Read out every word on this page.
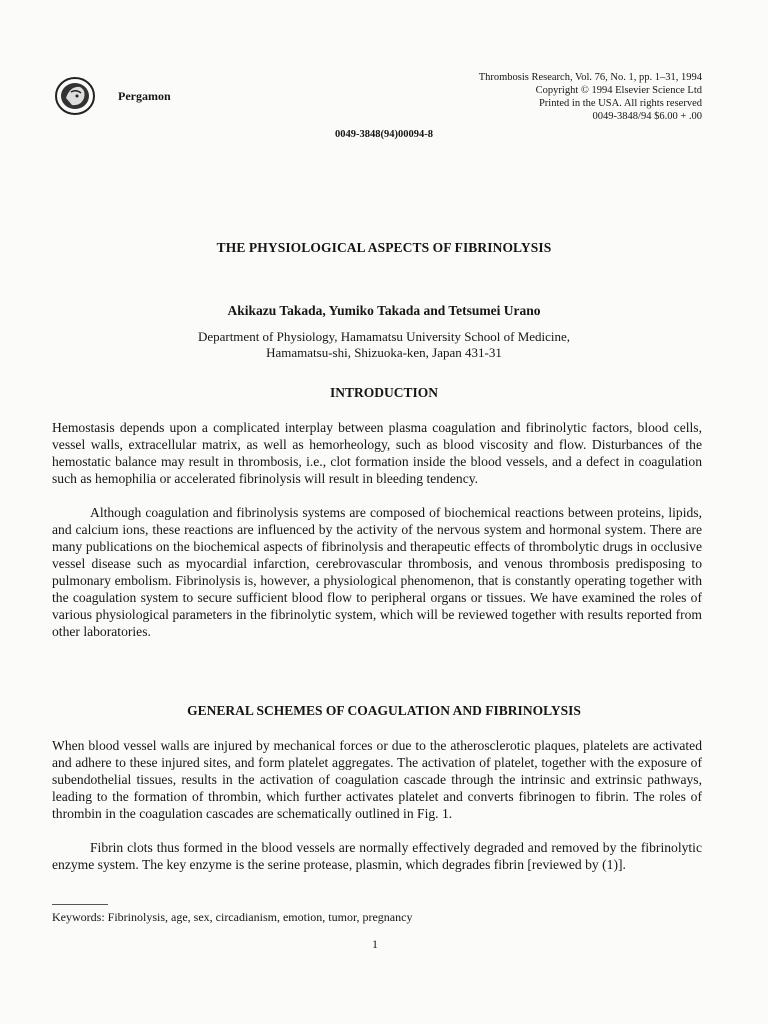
Pergamon
Thrombosis Research, Vol. 76, No. 1, pp. 1–31, 1994
Copyright © 1994 Elsevier Science Ltd
Printed in the USA. All rights reserved
0049-3848/94 $6.00 + .00
0049-3848(94)00094-8
THE PHYSIOLOGICAL ASPECTS OF FIBRINOLYSIS
Akikazu Takada, Yumiko Takada and Tetsumei Urano
Department of Physiology, Hamamatsu University School of Medicine,
Hamamatsu-shi, Shizuoka-ken, Japan 431-31
INTRODUCTION
Hemostasis depends upon a complicated interplay between plasma coagulation and fibrinolytic factors, blood cells, vessel walls, extracellular matrix, as well as hemorheology, such as blood viscosity and flow. Disturbances of the hemostatic balance may result in thrombosis, i.e., clot formation inside the blood vessels, and a defect in coagulation such as hemophilia or accelerated fibrinolysis will result in bleeding tendency.
Although coagulation and fibrinolysis systems are composed of biochemical reactions between proteins, lipids, and calcium ions, these reactions are influenced by the activity of the nervous system and hormonal system. There are many publications on the biochemical aspects of fibrinolysis and therapeutic effects of thrombolytic drugs in occlusive vessel disease such as myocardial infarction, cerebrovascular thrombosis, and venous thrombosis predisposing to pulmonary embolism. Fibrinolysis is, however, a physiological phenomenon, that is constantly operating together with the coagulation system to secure sufficient blood flow to peripheral organs or tissues. We have examined the roles of various physiological parameters in the fibrinolytic system, which will be reviewed together with results reported from other laboratories.
GENERAL SCHEMES OF COAGULATION AND FIBRINOLYSIS
When blood vessel walls are injured by mechanical forces or due to the atherosclerotic plaques, platelets are activated and adhere to these injured sites, and form platelet aggregates. The activation of platelet, together with the exposure of subendothelial tissues, results in the activation of coagulation cascade through the intrinsic and extrinsic pathways, leading to the formation of thrombin, which further activates platelet and converts fibrinogen to fibrin. The roles of thrombin in the coagulation cascades are schematically outlined in Fig. 1.
Fibrin clots thus formed in the blood vessels are normally effectively degraded and removed by the fibrinolytic enzyme system. The key enzyme is the serine protease, plasmin, which degrades fibrin [reviewed by (1)].
Keywords: Fibrinolysis, age, sex, circadianism, emotion, tumor, pregnancy
1
